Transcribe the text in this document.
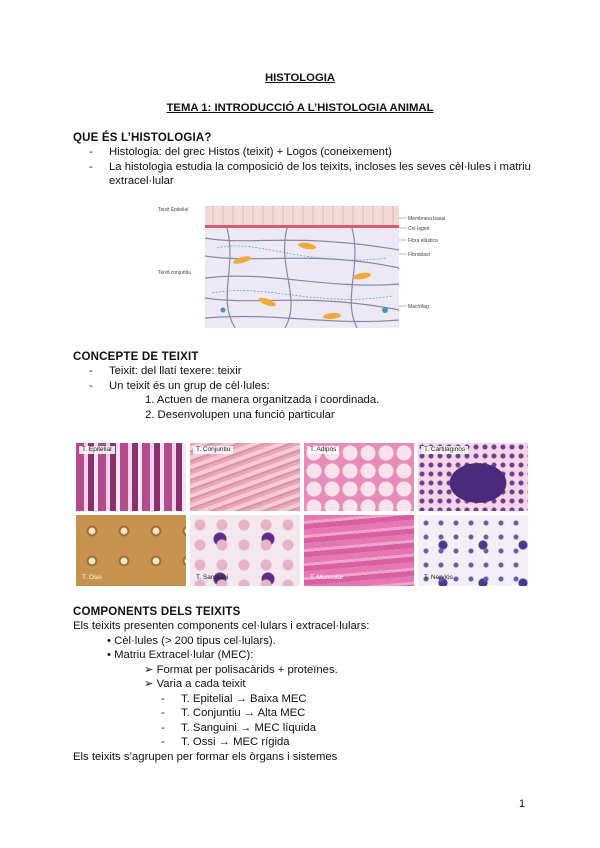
HISTOLOGIA
TEMA 1: INTRODUCCIÓ A L’HISTOLOGIA ANIMAL
QUE ÉS L’HISTOLOGIA?
- Histologia: del grec Histos (teixit) + Logos (coneixement)
- La histologia estudia la composició de los teixits, incloses les seves cèl·lules i matriu extracel·lular
Teixit Epitelial
Teixit conjuntiu
Membrana basal
Col·lagen
Fibra elàstica
Fibroblast
Macròfag
CONCEPTE DE TEIXIT
- Teixit: del llatí texere: teixir
- Un teixit és un grup de cèl·lules:
1. Actuen de manera organitzada i coordinada.
2. Desenvolupen una funció particular
T. Epitelial	T. Conjuntiu	T. Adipós	T. Cartilaginós
T. Ossi	T. Sanguini	T. Muscular	T. Nerviós
COMPONENTS DELS TEIXITS
Els teixits presenten components cel·lulars i extracel·lulars:
• Cèl·lules (> 200 tipus cel·lulars).
• Matriu Extracel·lular (MEC):
➢ Format per polisacàrids + proteïnes.
➢ Varia a cada teixit
- T. Epitelial → Baixa MEC
- T. Conjuntiu → Alta MEC
- T. Sanguini → MEC líquida
- T. Ossi → MEC rígida
Els teixits s’agrupen per formar els òrgans i sistemes
1
